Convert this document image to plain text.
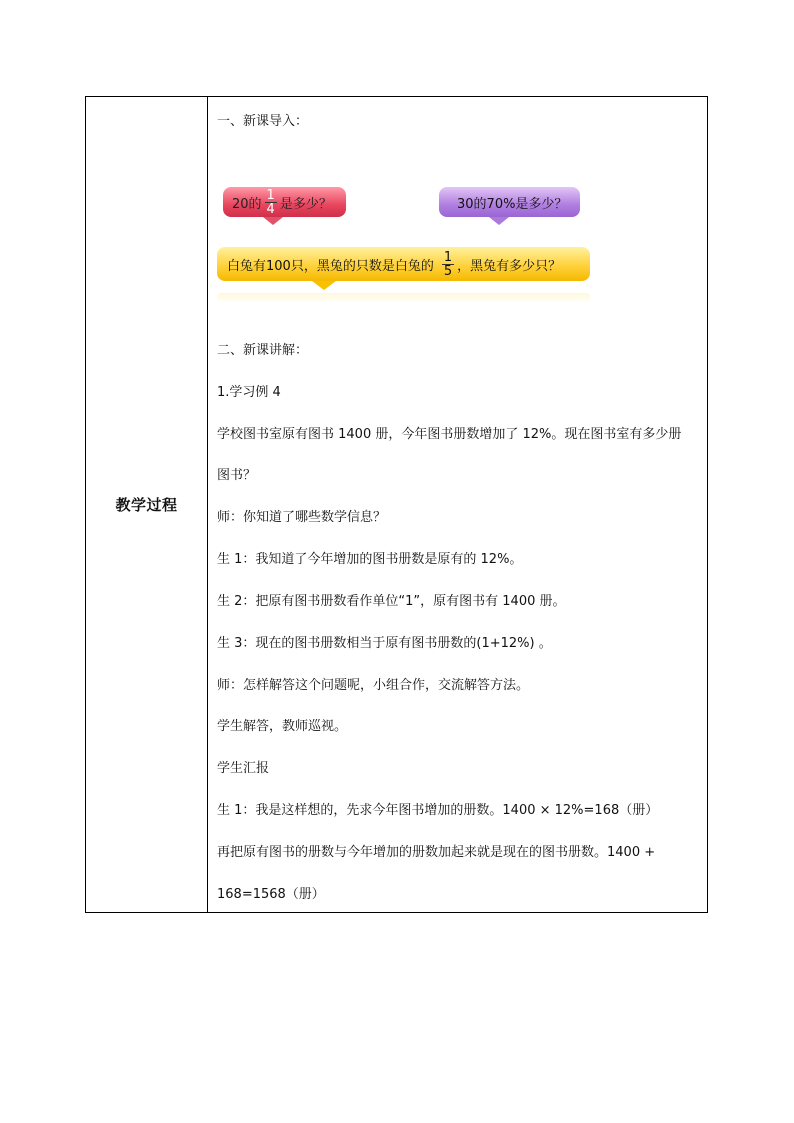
教学过程
一、新课导入：
20的 $\frac{1}{4}$ 是多少？	30的70%是多少？
白兔有100只，黑兔的只数是白兔的 $\frac{1}{5}$ ，黑兔有多少只？
二、新课讲解：
1.学习例 4
学校图书室原有图书 1400 册，今年图书册数增加了 12%。现在图书室有多少册
图书？
师：你知道了哪些数学信息？
生 1：我知道了今年增加的图书册数是原有的 12%。
生 2：把原有图书册数看作单位“1”，原有图书有 1400 册。
生 3：现在的图书册数相当于原有图书册数的(1+12%) 。
师：怎样解答这个问题呢，小组合作，交流解答方法。
学生解答，教师巡视。
学生汇报
生 1：我是这样想的，先求今年图书增加的册数。1400 × 12%=168（册）
再把原有图书的册数与今年增加的册数加起来就是现在的图书册数。1400 +
168=1568（册）
